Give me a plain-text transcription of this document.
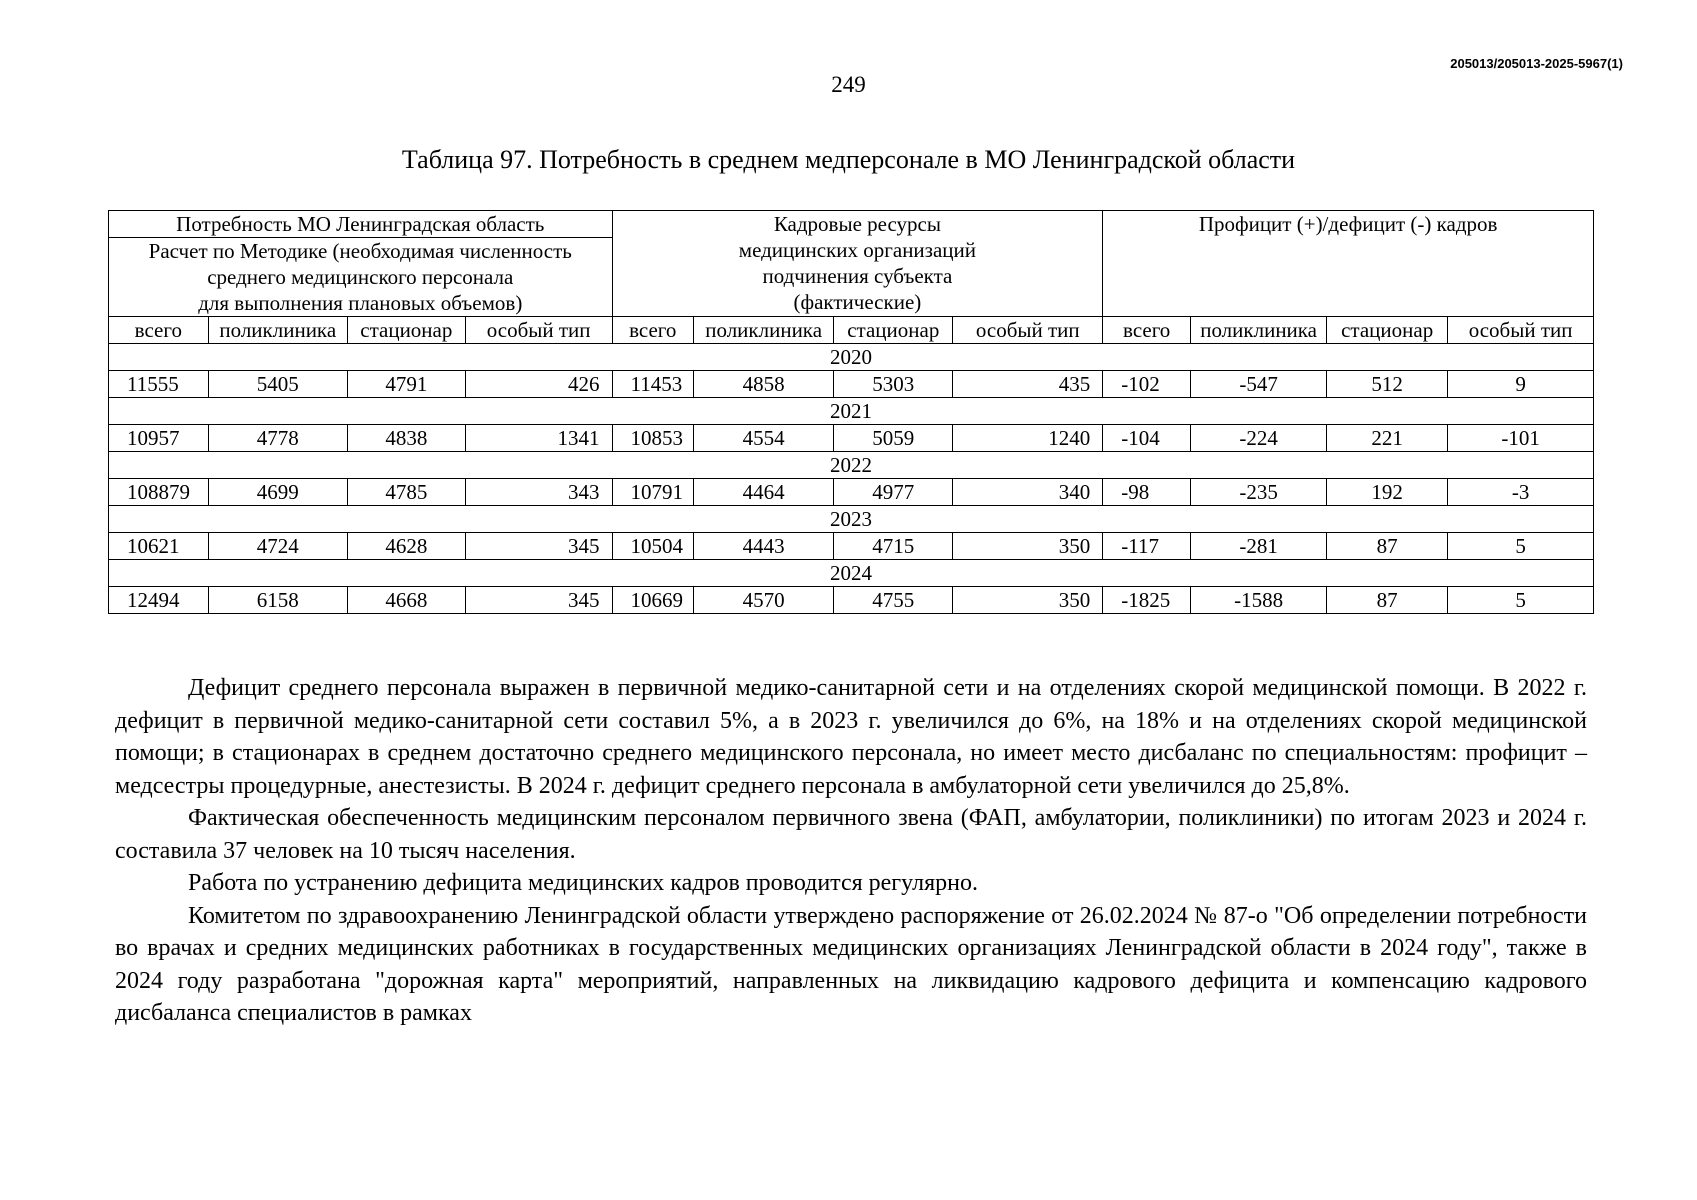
205013/205013-2025-5967(1)
249
Таблица 97. Потребность в среднем медперсонале в МО Ленинградской области
Потребность МО Ленинградская область				Кадровые ресурсы
медицинских организаций
подчинения субъекта
(фактические)				Профицит (+)/дефицит (-) кадров			

Расчет по Методике (необходимая численность
среднего медицинского персонала
для выполнения плановых объемов)											

всего	поликлиника	стационар	особый тип	всего	поликлиника	стационар	особый тип	всего	поликлиника	стационар	особый тип
2020											
11555	5405	4791	426	11453	4858	5303	435	-102	-547	512	9
2021											
10957	4778	4838	1341	10853	4554	5059	1240	-104	-224	221	-101
2022											
108879	4699	4785	343	10791	4464	4977	340	-98	-235	192	-3
2023											
10621	4724	4628	345	10504	4443	4715	350	-117	-281	87	5
2024											
12494	6158	4668	345	10669	4570	4755	350	-1825	-1588	87	5

Дефицит среднего персонала выражен в первичной медико-санитарной сети и на отделениях скорой медицинской помощи. В 2022 г. дефицит в первичной медико-санитарной сети составил 5%, а в 2023 г. увеличился до 6%, на 18% и на отделениях скорой медицинской помощи; в стационарах в среднем достаточно среднего медицинского персонала, но имеет место дисбаланс по специальностям: профицит – медсестры процедурные, анестезисты. В 2024 г. дефицит среднего персонала в амбулаторной сети увеличился до 25,8%.

Фактическая обеспеченность медицинским персоналом первичного звена (ФАП, амбулатории, поликлиники) по итогам 2023 и 2024 г. составила 37 человек на 10 тысяч населения.

Работа по устранению дефицита медицинских кадров проводится регулярно.

Комитетом по здравоохранению Ленинградской области утверждено распоряжение от 26.02.2024 № 87-о "Об определении потребности во врачах и средних медицинских работниках в государственных медицинских организациях Ленинградской области в 2024 году", также в 2024 году разработана "дорожная карта" мероприятий, направленных на ликвидацию кадрового дефицита и компенсацию кадрового дисбаланса специалистов в рамках
